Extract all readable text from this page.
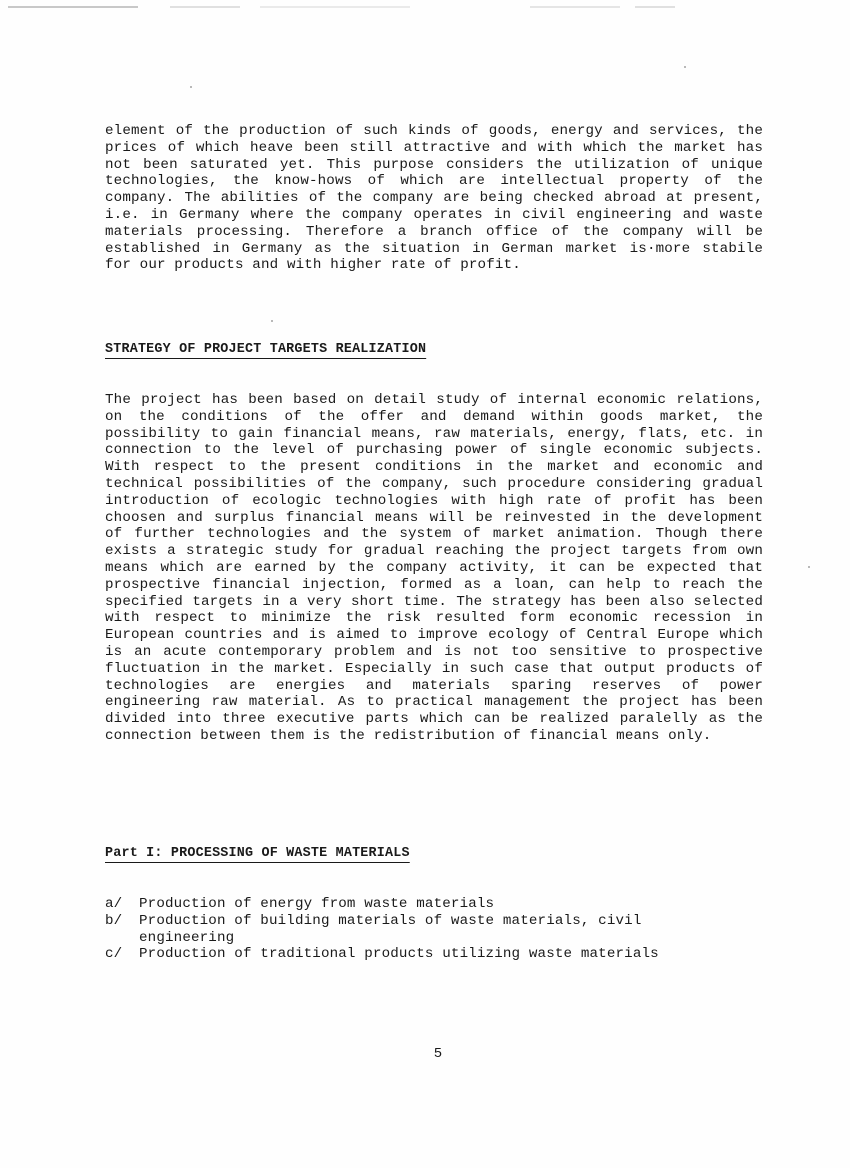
element of the production of such kinds of goods, energy and services, the prices of which heave been still attractive and with which the market has not been saturated yet. This purpose considers the utilization of unique technologies, the know-hows of which are intellectual property of the company. The abilities of the company are being checked abroad at present, i.e. in Germany where the company operates in civil engineering and waste materials processing. Therefore a branch office of the company will be established in Germany as the situation in German market is·more stabile for our products and with higher rate of profit.

STRATEGY OF PROJECT TARGETS REALIZATION

The project has been based on detail study of internal economic relations, on the conditions of the offer and demand within goods market, the possibility to gain financial means, raw materials, energy, flats, etc. in connection to the level of purchasing power of single economic subjects. With respect to the present conditions in the market and economic and technical possibilities of the company, such procedure considering gradual introduction of ecologic technologies with high rate of profit has been choosen and surplus financial means will be reinvested in the development of further technologies and the system of market animation. Though there exists a strategic study for gradual reaching the project targets from own means which are earned by the company activity, it can be expected that prospective financial injection, formed as a loan, can help to reach the specified targets in a very short time. The strategy has been also selected with respect to minimize the risk resulted form economic recession in European countries and is aimed to improve ecology of Central Europe which is an acute contemporary problem and is not too sensitive to prospective fluctuation in the market. Especially in such case that output products of technologies are energies and materials sparing reserves of power engineering raw material. As to practical management the project has been divided into three executive parts which can be realized paralelly as the connection between them is the redistribution of financial means only.

Part I: PROCESSING OF WASTE MATERIALS
a/	Production of energy from waste materials
b/	Production of building materials of waste materials, civil engineering
c/	Production of traditional products utilizing waste materials

5
